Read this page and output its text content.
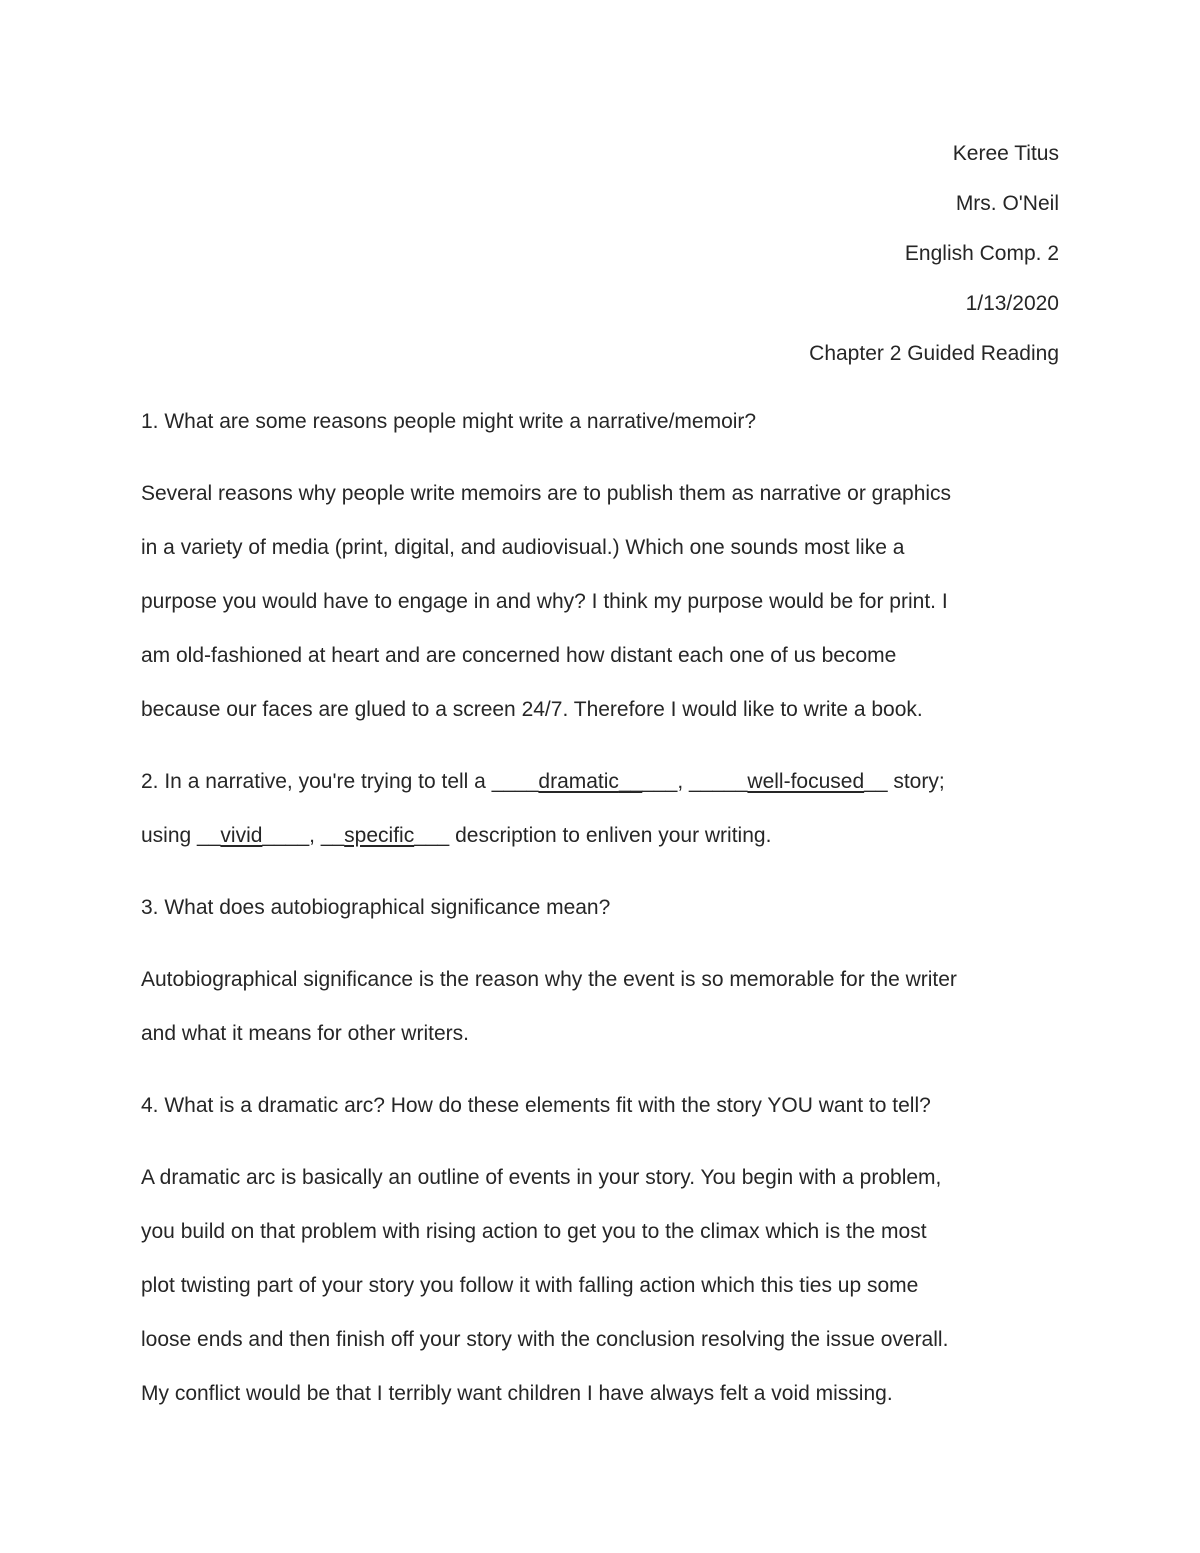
Keree Titus
Mrs. O'Neil
English Comp. 2
1/13/2020
Chapter 2 Guided Reading
1. What are some reasons people might write a narrative/memoir?
Several reasons why people write memoirs are to publish them as narrative or graphics
in a variety of media (print, digital, and audiovisual.) Which one sounds most like a
purpose you would have to engage in and why? I think my purpose would be for print. I
am old-fashioned at heart and are concerned how distant each one of us become
because our faces are glued to a screen 24/7. Therefore I would like to write a book.
2. In a narrative, you're trying to tell a ____dramatic_____, _____well-focused__ story;
using __vivid____, __specific___ description to enliven your writing.
3. What does autobiographical significance mean?
Autobiographical significance is the reason why the event is so memorable for the writer
and what it means for other writers.
4. What is a dramatic arc? How do these elements fit with the story YOU want to tell?
A dramatic arc is basically an outline of events in your story. You begin with a problem,
you build on that problem with rising action to get you to the climax which is the most
plot twisting part of your story you follow it with falling action which this ties up some
loose ends and then finish off your story with the conclusion resolving the issue overall.
My conflict would be that I terribly want children I have always felt a void missing.
